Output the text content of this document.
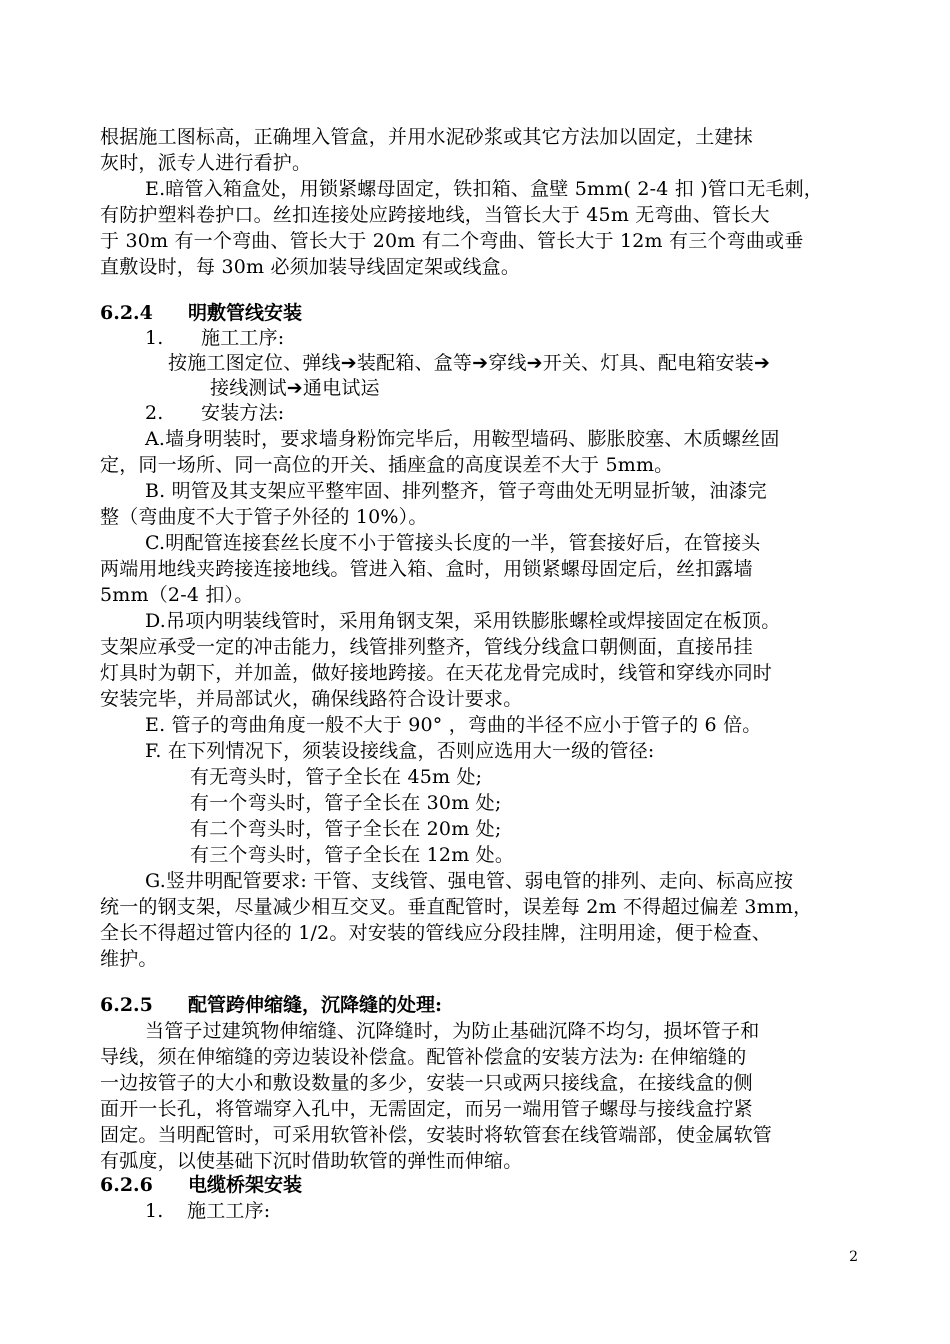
根据施工图标高，正确埋入管盒，并用水泥砂浆或其它方法加以固定，土建抹
灰时，派专人进行看护。
E.暗管入箱盒处，用锁紧螺母固定，铁扣箱、盒壁 5mm( 2-4 扣 )管口无毛刺，
有防护塑料卷护口。丝扣连接处应跨接地线，当管长大于 45m 无弯曲、管长大
于 30m 有一个弯曲、管长大于 20m 有二个弯曲、管长大于 12m 有三个弯曲或垂
直敷设时，每 30m 必须加装导线固定架或线盒。
6.2.4 明敷管线安装
1. 施工工序:
按施工图定位、弹线➔装配箱、盒等➔穿线➔开关、灯具、配电箱安装➔
接线测试➔通电试运
2. 安装方法:
A.墙身明装时，要求墙身粉饰完毕后，用鞍型墙码、膨胀胶塞、木质螺丝固
定，同一场所、同一高位的开关、插座盒的高度误差不大于 5mm。
B. 明管及其支架应平整牢固、排列整齐，管子弯曲处无明显折皱，油漆完
整（弯曲度不大于管子外径的 10%）。
C.明配管连接套丝长度不小于管接头长度的一半，管套接好后，在管接头
两端用地线夹跨接连接地线。管进入箱、盒时，用锁紧螺母固定后，丝扣露墙
5mm（2-4 扣）。
D.吊项内明装线管时，采用角钢支架，采用铁膨胀螺栓或焊接固定在板顶。
支架应承受一定的冲击能力，线管排列整齐，管线分线盒口朝侧面，直接吊挂
灯具时为朝下，并加盖，做好接地跨接。在天花龙骨完成时，线管和穿线亦同时
安装完毕，并局部试火，确保线路符合设计要求。
E. 管子的弯曲角度一般不大于 90° ，弯曲的半径不应小于管子的 6 倍。
F. 在下列情况下，须装设接线盒，否则应选用大一级的管径:
有无弯头时，管子全长在 45m 处;
有一个弯头时，管子全长在 30m 处;
有二个弯头时，管子全长在 20m 处;
有三个弯头时，管子全长在 12m 处。
G.竖井明配管要求: 干管、支线管、强电管、弱电管的排列、走向、标高应按
统一的钢支架，尽量减少相互交叉。垂直配管时，误差每 2m 不得超过偏差 3mm，
全长不得超过管内径的 1/2。对安装的管线应分段挂牌，注明用途，便于检查、
维护。
6.2.5 配管跨伸缩缝，沉降缝的处理:
当管子过建筑物伸缩缝、沉降缝时，为防止基础沉降不均匀，损坏管子和
导线，须在伸缩缝的旁边装设补偿盒。配管补偿盒的安装方法为: 在伸缩缝的
一边按管子的大小和敷设数量的多少，安装一只或两只接线盒，在接线盒的侧
面开一长孔，将管端穿入孔中，无需固定，而另一端用管子螺母与接线盒拧紧
固定。当明配管时，可采用软管补偿，安装时将软管套在线管端部，使金属软管
有弧度，以使基础下沉时借助软管的弹性而伸缩。
6.2.6 电缆桥架安装
1. 施工工序:
2
